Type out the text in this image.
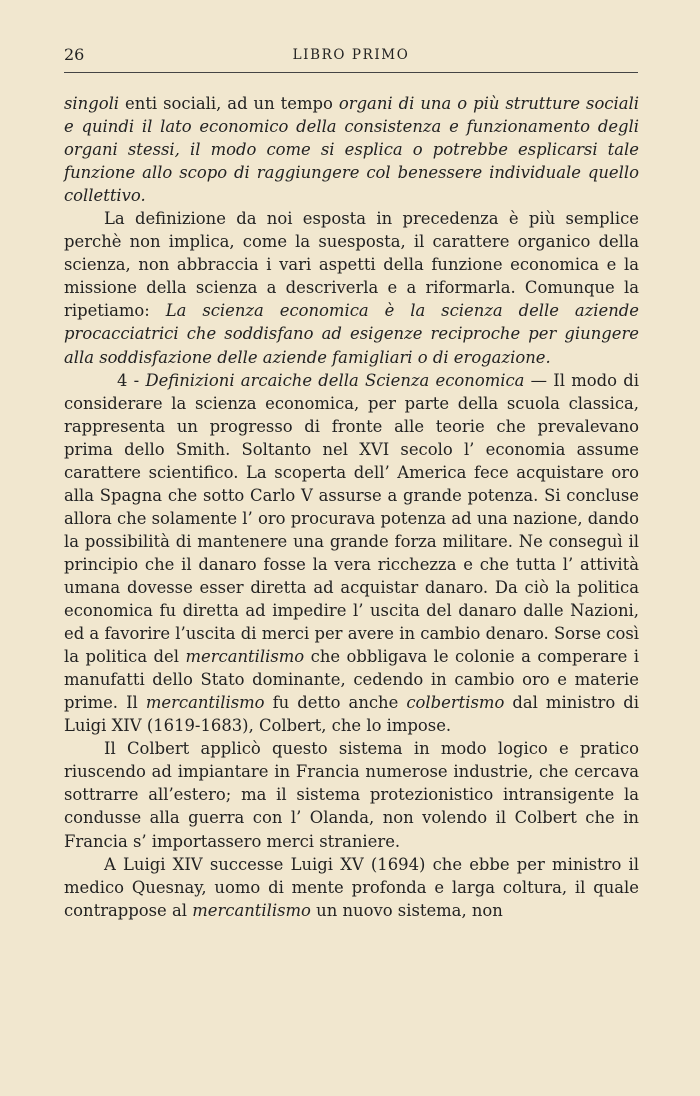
26	LIBRO PRIMO

singoli enti sociali, ad un tempo organi di una o più strutture sociali e quindi il lato economico della consistenza e funzionamento degli organi stessi, il modo come si esplica o potrebbe esplicarsi tale funzione allo scopo di raggiungere col benessere individuale quello collettivo.

La definizione da noi esposta in precedenza è più semplice perchè non implica, come la suesposta, il carattere organico della scienza, non abbraccia i vari aspetti della funzione economica e la missione della scienza a descriverla e a riformarla. Comunque la ripetiamo: La scienza economica è la scienza delle aziende procacciatrici che soddisfano ad esigenze reciproche per giungere alla soddisfazione delle aziende famigliari o di erogazione.

4 - Definizioni arcaiche della Scienza economica — Il modo di considerare la scienza economica, per parte della scuola classica, rappresenta un progresso di fronte alle teorie che prevalevano prima dello Smith. Soltanto nel XVI secolo l’ economia assume carattere scientifico. La scoperta dell’ America fece acquistare oro alla Spagna che sotto Carlo V assurse a grande potenza. Si concluse allora che solamente l’ oro procurava potenza ad una nazione, dando la possibilità di mantenere una grande forza militare. Ne conseguì il principio che il danaro fosse la vera ricchezza e che tutta l’ attività umana dovesse esser diretta ad acquistar danaro. Da ciò la politica economica fu diretta ad impedire l’ uscita del danaro dalle Nazioni, ed a favorire l’uscita di merci per avere in cambio denaro. Sorse così la politica del mercantilismo che obbligava le colonie a comperare i manufatti dello Stato dominante, cedendo in cambio oro e materie prime. Il mercantilismo fu detto anche colbertismo dal ministro di Luigi XIV (1619-1683), Colbert, che lo impose.

Il Colbert applicò questo sistema in modo logico e pratico riuscendo ad impiantare in Francia numerose industrie, che cercava sottrarre all’estero; ma il sistema protezionistico intransigente la condusse alla guerra con l’ Olanda, non volendo il Colbert che in Francia s’ importassero merci straniere.

A Luigi XIV successe Luigi XV (1694) che ebbe per ministro il medico Quesnay, uomo di mente profonda e larga coltura, il quale contrappose al mercantilismo un nuovo sistema, non
